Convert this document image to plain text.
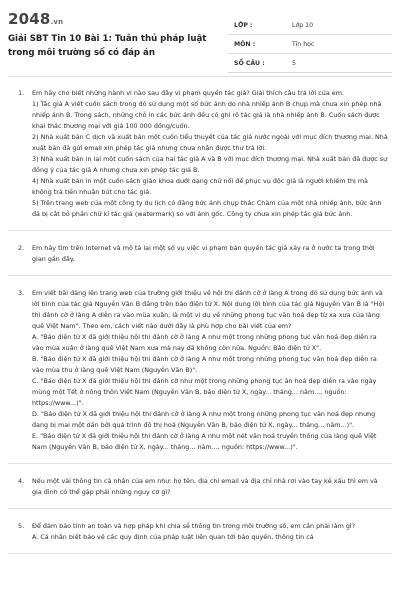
2048.vn
Giải SBT Tin 10 Bài 1: Tuân thủ pháp luật trong môi trường số có đáp án
LỚP :	Lớp 10
MÔN :	Tin học
SỐ CÂU :	5
1.	Em hãy cho biết những hành vi nào sau đây vi phạm quyền tác giả? Giải thích câu trả lời của em.
1) Tác giả A viết cuốn sách trong đó sử dụng một số bức ảnh do nhà nhiếp ảnh B chụp mà chưa xin phép nhà nhiếp ảnh B. Trong sách, những chỗ in các bức ảnh đều có ghi rõ tác giả là nhà nhiếp ảnh B. Cuốn sách được khai thác thương mại với giá 100 000 đồng/cuốn.
2) Nhà xuất bản C dịch và xuất bản một cuốn tiểu thuyết của tác giả nước ngoài với mục đích thương mại. Nhà xuất bản đã gửi email xin phép tác giả nhưng chưa nhận được thư trả lời.
3) Nhà xuất bản in lại một cuốn sách của hai tác giả A và B với mục đích thương mại. Nhà xuất bản đã được sự đồng ý của tác giả A nhưng chưa xin phép tác giả B.
4) Nhà xuất bản in một cuốn sách giáo khoa dưới dạng chữ nổi để phục vụ độc giả là người khiếm thị mà không trả tiền nhuận bút cho tác giả.
5) Trên trang web của một công ty du lịch có đăng bức ảnh chụp thác Chàm của một nhà nhiếp ảnh, bức ảnh đã bị cắt bỏ phần chữ kí tác giả (watermark) so với ảnh gốc. Công ty chưa xin phép tác giả bức ảnh.
2.	Em hãy tìm trên Internet và mô tả lại một số vụ việc vi phạm bản quyền tác giả xảy ra ở nước ta trong thời gian gần đây.
3.	Em viết bài đăng lên trang web của trường giới thiệu về hội thi đánh cờ ở làng A trong đó sử dụng bức ảnh và lời bình của tác giả Nguyễn Văn B đăng trên báo điện tử X. Nội dung lời bình của tác giả Nguyễn Văn B là "Hội thi đánh cờ ở làng A diễn ra vào mùa xuân, là một vi dụ về những phong tục văn hoá đẹp từ xa xưa của làng quê Việt Nam". Theo em, cách viết nào dưới đây là phù hợp cho bài viết của em?
A. "Báo điện tử X đã giới thiệu hội thi đánh cờ ở làng A như một trong những phong tục văn hoá đẹp diễn ra vào mùa xuân ở làng quê Việt Nam xưa mà nay đã không còn nữa. Nguồn: Báo điện tử X".
B. "Báo điện tử X đã giới thiệu hội thi đánh cờ ở làng A như một trong những phong tục văn hoá đẹp diễn ra vào mùa thu ở làng quê Việt Nam (Nguyễn Văn B)".
C. "Báo điện tử X đã giới thiệu hội thi đánh cờ như một trong những phong tục ăn hoá đẹp diễn ra vào ngày mùng một Tết ở nông thôn Việt Nam (Nguyễn Văn B, báo điện tử X, ngày... tháng... năm..., nguồn: https://www...)".
D. "Báo điện tử X đã giới thiệu hội thi đánh cờ ở làng A như một trong những phong tục văn hoá đẹp nhưng đang bị mai một dần bởi quá trình đô thị hoá (Nguyễn Văn B, báo điện tử X, ngày... tháng... năm...)".
E. "Báo điện tử X đã giới thiệu hội thi đánh cờ ở làng A như một nét văn hoá truyền thống của làng quê Việt Nam (Nguyễn Văn B, báo điện tử X, ngày... tháng... năm..., nguồn: https://www...)".
4.	Nếu một vài thông tin cá nhân của em như: họ tên, địa chỉ email và địa chỉ nhà rơi vào tay kẻ xấu thì em và gia đình có thể gặp phải những nguy cơ gì?
5.	Để đảm bảo tính an toàn và hợp pháp khi chia sẻ thông tin trong môi trường số, em cần phải làm gì?
A. Cá nhân biết bảo vệ các quy định của pháp luật liên quan tới bảo quyền, thông tin cá
